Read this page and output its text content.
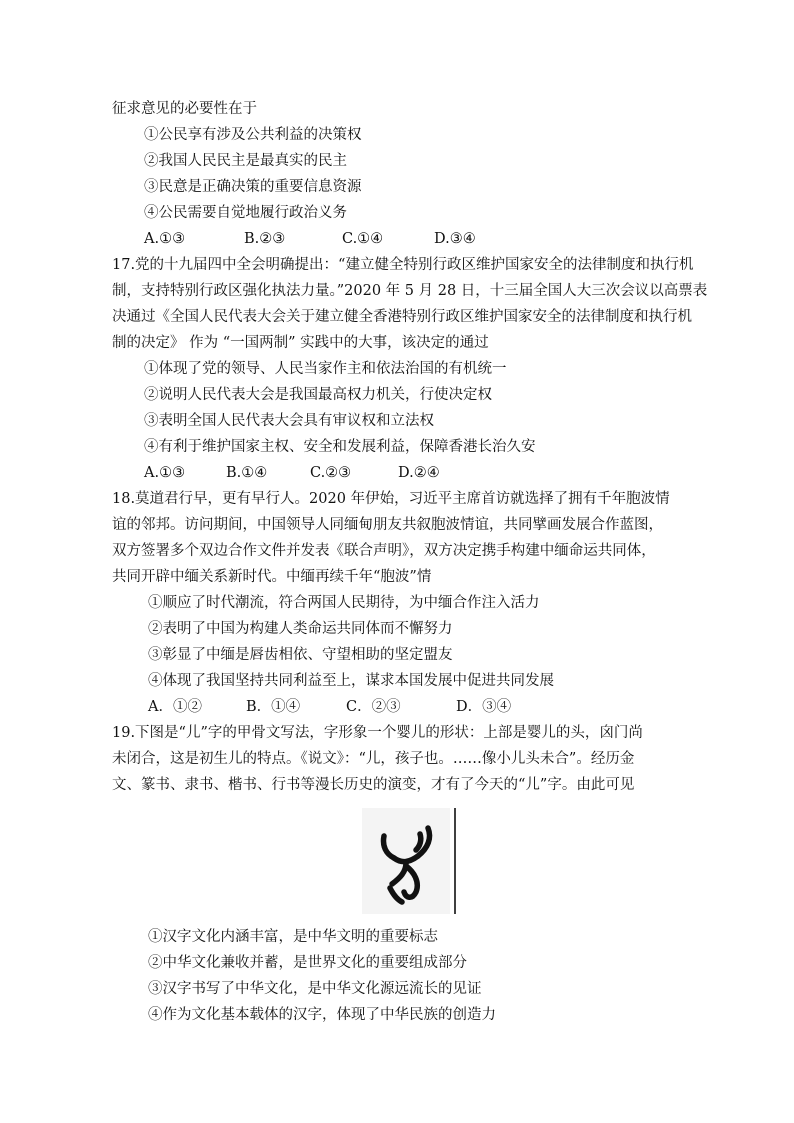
征求意见的必要性在于
①公民享有涉及公共利益的决策权
②我国人民民主是最真实的民主
③民意是正确决策的重要信息资源
④公民需要自觉地履行政治义务
A.①③	B.②③	C.①④	D.③④
17.党的十九届四中全会明确提出：“建立健全特别行政区维护国家安全的法律制度和执行机
制，支持特别行政区强化执法力量。”2020 年 5 月 28 日，十三届全国人大三次会议以高票表
决通过《全国人民代表大会关于建立健全香港特别行政区维护国家安全的法律制度和执行机
制的决定》 作为 “一国两制” 实践中的大事，该决定的通过
①体现了党的领导、人民当家作主和依法治国的有机统一
②说明人民代表大会是我国最高权力机关，行使决定权
③表明全国人民代表大会具有审议权和立法权
④有利于维护国家主权、安全和发展利益，保障香港长治久安
A.①③	B.①④	C.②③	D.②④
18.莫道君行早，更有早行人。2020 年伊始，习近平主席首访就选择了拥有千年胞波情
谊的邻邦。访问期间，中国领导人同缅甸朋友共叙胞波情谊，共同擘画发展合作蓝图，
双方签署多个双边合作文件并发表《联合声明》，双方决定携手构建中缅命运共同体，
共同开辟中缅关系新时代。中缅再续千年“胞波”情
①顺应了时代潮流，符合两国人民期待，为中缅合作注入活力
②表明了中国为构建人类命运共同体而不懈努力
③彰显了中缅是唇齿相依、守望相助的坚定盟友
④体现了我国坚持共同利益至上，谋求本国发展中促进共同发展
A．①②	B．①④	C．②③	D．③④
19.下图是“儿”字的甲骨文写法，字形象一个婴儿的形状：上部是婴儿的头，囟门尚
未闭合，这是初生儿的特点。《说文》：“儿，孩子也。……像小儿头未合”。经历金
文、篆书、隶书、楷书、行书等漫长历史的演变，才有了今天的“儿”字。由此可见
①汉字文化内涵丰富，是中华文明的重要标志
②中华文化兼收并蓄，是世界文化的重要组成部分
③汉字书写了中华文化，是中华文化源远流长的见证
④作为文化基本载体的汉字，体现了中华民族的创造力
